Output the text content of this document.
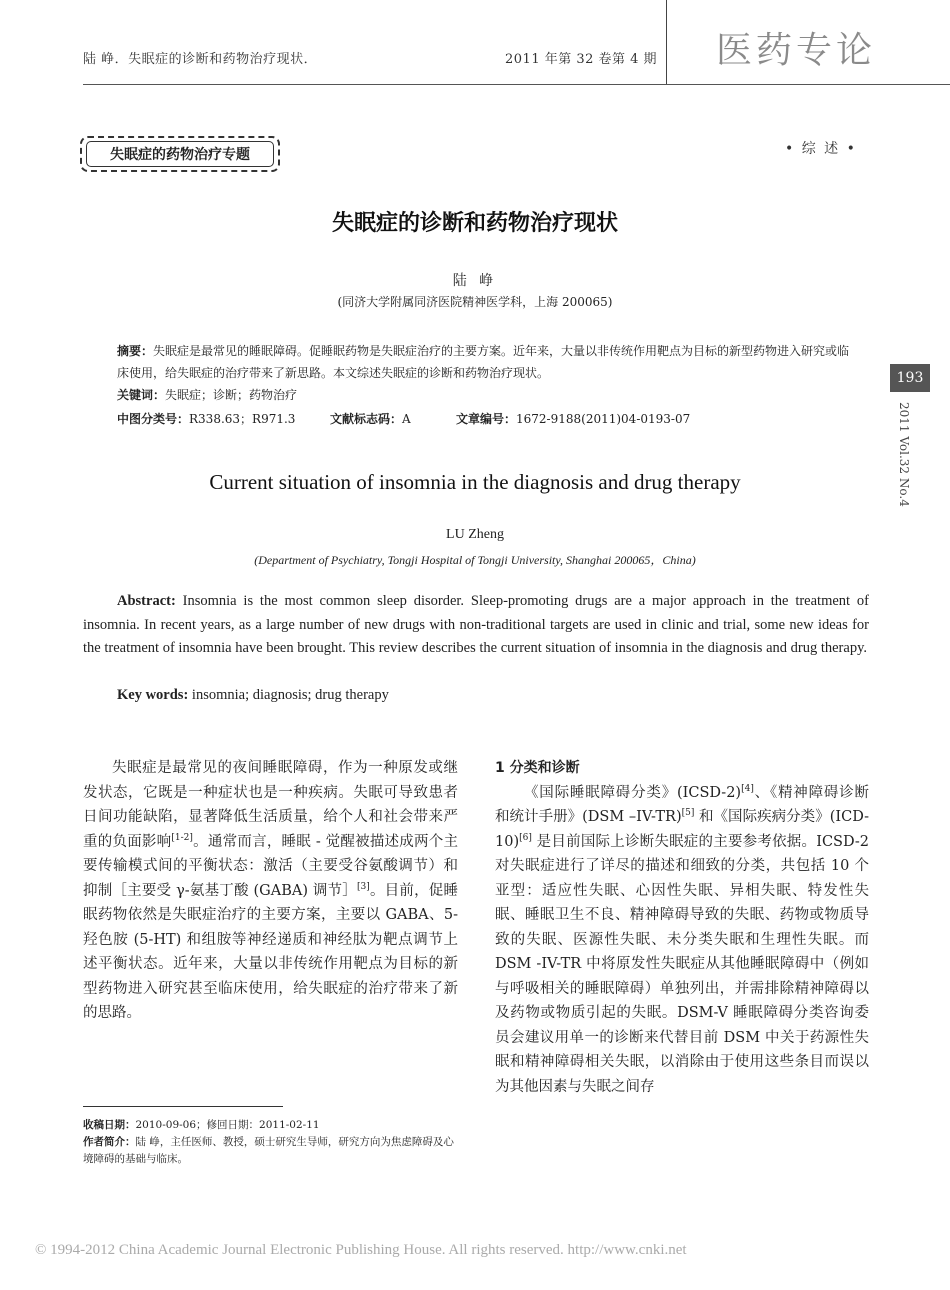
陆 峥．失眠症的诊断和药物治疗现状．	2011 年第 32 卷第 4 期 医药专论
失眠症的药物治疗专题	• 综 述 •
失眠症的诊断和药物治疗现状
陆 峥
(同济大学附属同济医院精神医学科，上海 200065)
摘要：失眠症是最常见的睡眠障碍。促睡眠药物是失眠症治疗的主要方案。近年来，大量以非传统作用靶点为目标的新型药物进入研究或临床使用，给失眠症的治疗带来了新思路。本文综述失眠症的诊断和药物治疗现状。
关键词：失眠症；诊断；药物治疗
中图分类号：R338.63；R971.3	文献标志码：A	文章编号：1672-9188(2011)04-0193-07
193
2011 Vol.32 No.4
Current situation of insomnia in the diagnosis and drug therapy
LU Zheng
(Department of Psychiatry, Tongji Hospital of Tongji University, Shanghai 200065，China)
Abstract: Insomnia is the most common sleep disorder. Sleep-promoting drugs are a major approach in the treatment of insomnia. In recent years, as a large number of new drugs with non-traditional targets are used in clinic and trial, some new ideas for the treatment of insomnia have been brought. This review describes the current situation of insomnia in the diagnosis and drug therapy.
Key words: insomnia; diagnosis; drug therapy

失眠症是最常见的夜间睡眠障碍，作为一种原发或继发状态，它既是一种症状也是一种疾病。失眠可导致患者日间功能缺陷，显著降低生活质量，给个人和社会带来严重的负面影响[1-2]。通常而言，睡眠 - 觉醒被描述成两个主要传输模式间的平衡状态：激活（主要受谷氨酸调节）和抑制［主要受 γ-氨基丁酸 (GABA) 调节］[3]。目前，促睡眠药物依然是失眠症治疗的主要方案，主要以 GABA、5- 羟色胺 (5-HT) 和组胺等神经递质和神经肽为靶点调节上述平衡状态。近年来，大量以非传统作用靶点为目标的新型药物进入研究甚至临床使用，给失眠症的治疗带来了新的思路。

收稿日期：2010-09-06；修回日期：2011-02-11
作者简介：陆 峥，主任医师、教授，硕士研究生导师，研究方向为焦虑障碍及心境障碍的基础与临床。
1 分类和诊断

《国际睡眠障碍分类》(ICSD-2)[4]、《精神障碍诊断和统计手册》(DSM –IV-TR)[5] 和《国际疾病分类》(ICD-10)[6] 是目前国际上诊断失眠症的主要参考依据。ICSD-2 对失眠症进行了详尽的描述和细致的分类，共包括 10 个亚型：适应性失眠、心因性失眠、异相失眠、特发性失眠、睡眠卫生不良、精神障碍导致的失眠、药物或物质导致的失眠、医源性失眠、未分类失眠和生理性失眠。而 DSM -IV-TR 中将原发性失眠症从其他睡眠障碍中（例如与呼吸相关的睡眠障碍）单独列出，并需排除精神障碍以及药物或物质引起的失眠。DSM-V 睡眠障碍分类咨询委员会建议用单一的诊断来代替目前 DSM 中关于药源性失眠和精神障碍相关失眠，以消除由于使用这些条目而误以为其他因素与失眠之间存

© 1994-2012 China Academic Journal Electronic Publishing House. All rights reserved. http://www.cnki.net
